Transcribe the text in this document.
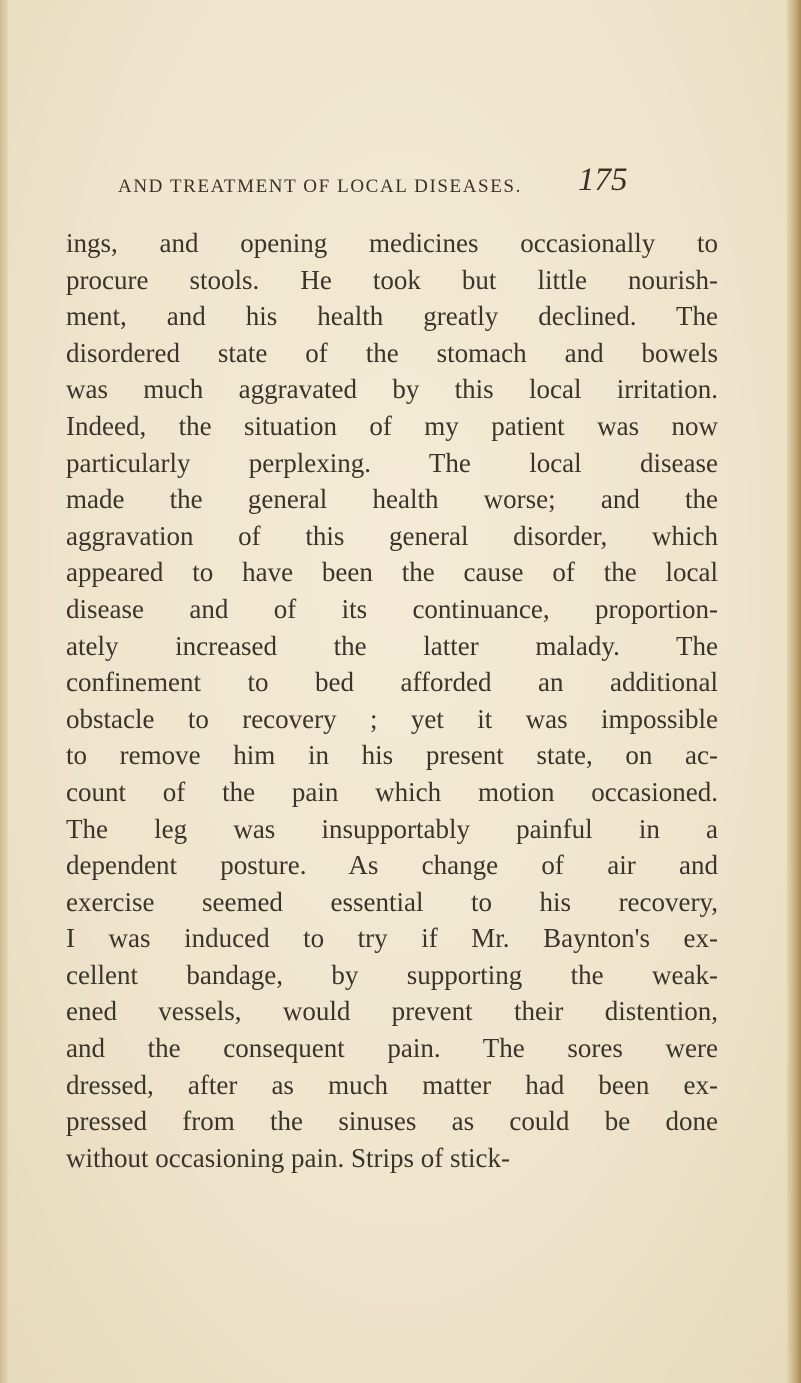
AND TREATMENT OF LOCAL DISEASES. 175
ings, and opening medicines occasionally to
procure stools. He took but little nourish-
ment, and his health greatly declined. The
disordered state of the stomach and bowels
was much aggravated by this local irritation.
Indeed, the situation of my patient was now
particularly perplexing. The local disease
made the general health worse; and the
aggravation of this general disorder, which
appeared to have been the cause of the local
disease and of its continuance, proportion-
ately increased the latter malady. The
confinement to bed afforded an additional
obstacle to recovery ; yet it was impossible
to remove him in his present state, on ac-
count of the pain which motion occasioned.
The leg was insupportably painful in a
dependent posture. As change of air and
exercise seemed essential to his recovery,
I was induced to try if Mr. Baynton's ex-
cellent bandage, by supporting the weak-
ened vessels, would prevent their distention,
and the consequent pain. The sores were
dressed, after as much matter had been ex-
pressed from the sinuses as could be done
without occasioning pain. Strips of stick-
